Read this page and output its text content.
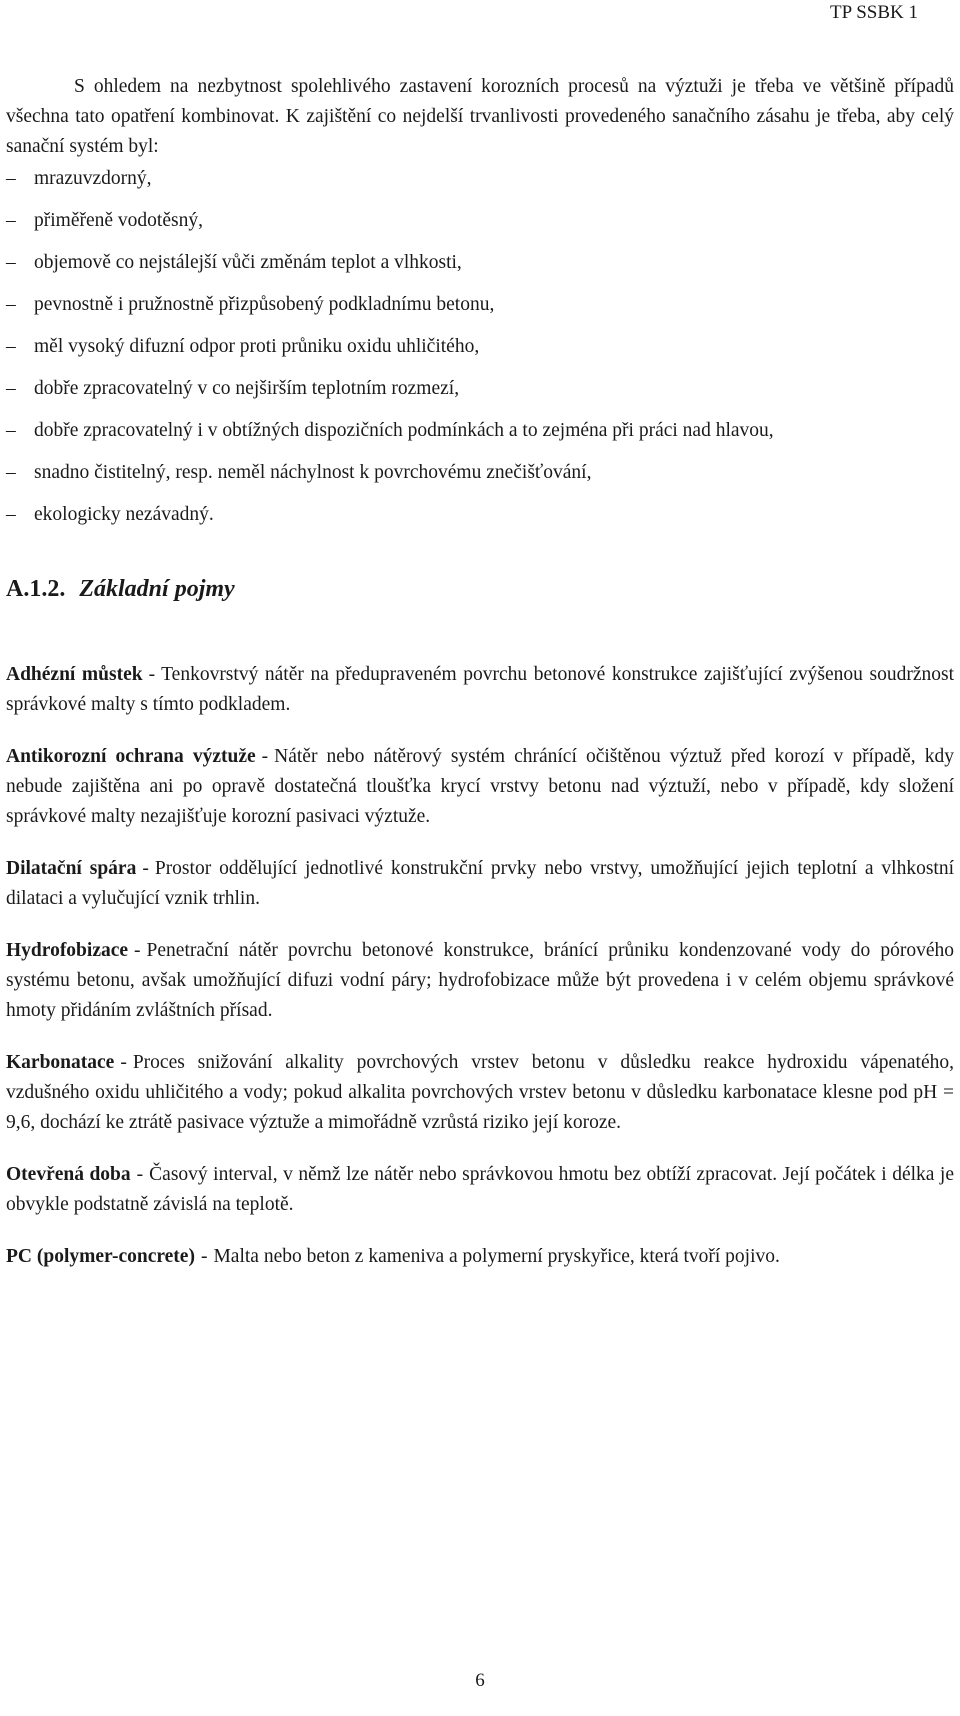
TP SSBK 1

S ohledem na nezbytnost spolehlivého zastavení korozních procesů na výztuži je třeba ve většině případů všechna tato opatření kombinovat. K zajištění co nejdelší trvanlivosti provedeného sanačního zásahu je třeba, aby celý sanační systém byl:

– mrazuvzdorný,
– přiměřeně vodotěsný,
– objemově co nejstálejší vůči změnám teplot a vlhkosti,
– pevnostně i pružnostně přizpůsobený podkladnímu betonu,
– měl vysoký difuzní odpor proti průniku oxidu uhličitého,
– dobře zpracovatelný v co nejširším teplotním rozmezí,
– dobře zpracovatelný i v obtížných dispozičních podmínkách a to zejména při práci nad hlavou,
– snadno čistitelný, resp. neměl náchylnost k povrchovému znečišťování,
– ekologicky nezávadný.
A.1.2. Základní pojmy

Adhézní můstek - Tenkovrstvý nátěr na předupraveném povrchu betonové konstrukce zajišťující zvýšenou soudržnost správkové malty s tímto podkladem.

Antikorozní ochrana výztuže - Nátěr nebo nátěrový systém chránící očištěnou výztuž před korozí v případě, kdy nebude zajištěna ani po opravě dostatečná tloušťka krycí vrstvy betonu nad výztuží, nebo v případě, kdy složení správkové malty nezajišťuje korozní pasivaci výztuže.

Dilatační spára - Prostor oddělující jednotlivé konstrukční prvky nebo vrstvy, umožňující jejich teplotní a vlhkostní dilataci a vylučující vznik trhlin.

Hydrofobizace - Penetrační nátěr povrchu betonové konstrukce, bránící průniku kondenzované vody do pórového systému betonu, avšak umožňující difuzi vodní páry; hydrofobizace může být provedena i v celém objemu správkové hmoty přidáním zvláštních přísad.

Karbonatace - Proces snižování alkality povrchových vrstev betonu v důsledku reakce hydroxidu vápenatého, vzdušného oxidu uhličitého a vody; pokud alkalita povrchových vrstev betonu v důsledku karbonatace klesne pod pH = 9,6, dochází ke ztrátě pasivace výztuže a mimořádně vzrůstá riziko její koroze.

Otevřená doba - Časový interval, v němž lze nátěr nebo správkovou hmotu bez obtíží zpracovat. Její počátek i délka je obvykle podstatně závislá na teplotě.

PC (polymer-concrete) - Malta nebo beton z kameniva a polymerní pryskyřice, která tvoří pojivo.

6
